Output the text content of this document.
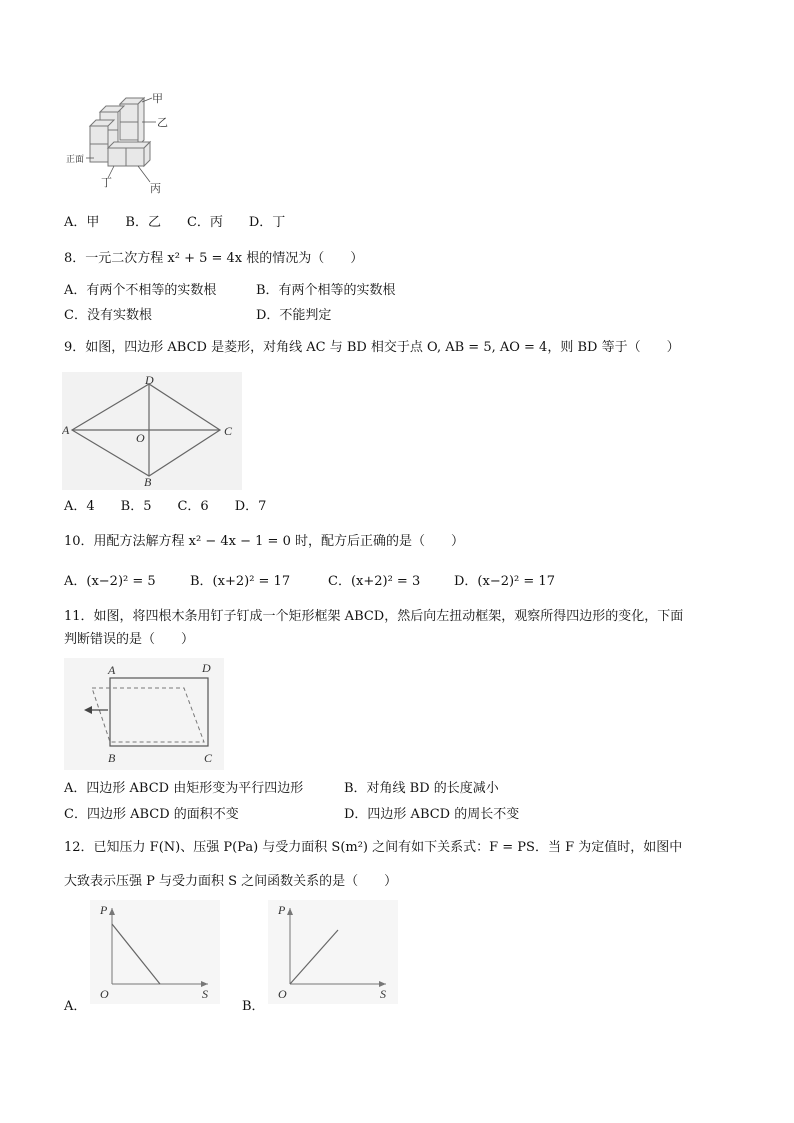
甲
乙
正面
丁	丙
A．甲　　B．乙　　C．丙　　D．丁
8．一元二次方程 x² + 5 = 4x 根的情况为（　　）
A．有两个不相等的实数根	B．有两个相等的实数根
C．没有实数根	D．不能判定
9．如图，四边形 ABCD 是菱形，对角线 AC 与 BD 相交于点 O, AB = 5, AO = 4，则 BD 等于（　　）
A	C
D
B
O
A．4　　B．5　　C．6　　D．7
10．用配方法解方程 x² − 4x − 1 = 0 时，配方后正确的是（　　）
A．(x−2)² = 5	B．(x+2)² = 17	C．(x+2)² = 3	D．(x−2)² = 17
11．如图，将四根木条用钉子钉成一个矩形框架 ABCD，然后向左扭动框架，观察所得四边形的变化，下面
判断错误的是（　　）
A	D
B	C
A．四边形 ABCD 由矩形变为平行四边形	B．对角线 BD 的长度减小
C．四边形 ABCD 的面积不变	D．四边形 ABCD 的周长不变
12．已知压力 F(N)、压强 P(Pa) 与受力面积 S(m²) 之间有如下关系式：F = PS．当 F 为定值时，如图中
大致表示压强 P 与受力面积 S 之间函数关系的是（　　）
P
S
O
A．
P
S
O
B．
